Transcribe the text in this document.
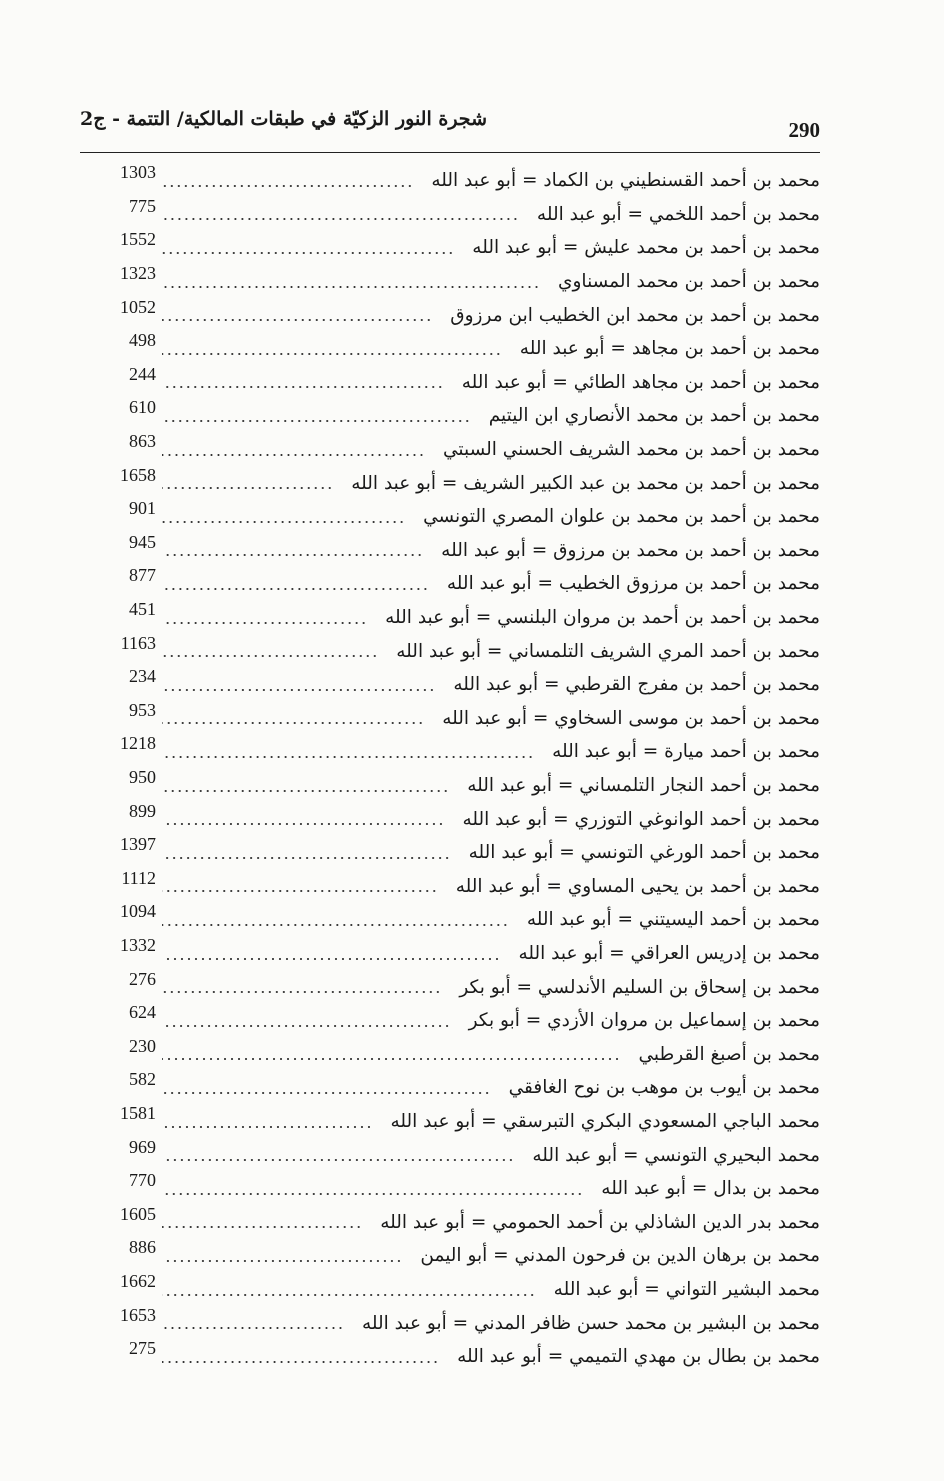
شجرة النور الزكيّة في طبقات المالكية/ التتمة - ج2	290
محمد بن أحمد القسنطيني بن الكماد = أبو عبد الله
1303
محمد بن أحمد اللخمي = أبو عبد الله
775
محمد بن أحمد بن محمد عليش = أبو عبد الله
1552
محمد بن أحمد بن محمد المسناوي
1323
محمد بن أحمد بن محمد ابن الخطيب ابن مرزوق
1052
محمد بن أحمد بن مجاهد = أبو عبد الله
498
محمد بن أحمد بن مجاهد الطائي = أبو عبد الله
244
محمد بن أحمد بن محمد الأنصاري ابن اليتيم
610
محمد بن أحمد بن محمد الشريف الحسني السبتي
863
محمد بن أحمد بن محمد بن عبد الكبير الشريف = أبو عبد الله
1658
محمد بن أحمد بن محمد بن علوان المصري التونسي
901
محمد بن أحمد بن محمد بن مرزوق = أبو عبد الله
945
محمد بن أحمد بن مرزوق الخطيب = أبو عبد الله
877
محمد بن أحمد بن أحمد بن مروان البلنسي = أبو عبد الله
451
محمد بن أحمد المري الشريف التلمساني = أبو عبد الله
1163
محمد بن أحمد بن مفرج القرطبي = أبو عبد الله
234
محمد بن أحمد بن موسى السخاوي = أبو عبد الله
953
محمد بن أحمد ميارة = أبو عبد الله
1218
محمد بن أحمد النجار التلمساني = أبو عبد الله
950
محمد بن أحمد الوانوغي التوزري = أبو عبد الله
899
محمد بن أحمد الورغي التونسي = أبو عبد الله
1397
محمد بن أحمد بن يحيى المساوي = أبو عبد الله
1112
محمد بن أحمد اليسيتني = أبو عبد الله
1094
محمد بن إدريس العراقي = أبو عبد الله
1332
محمد بن إسحاق بن السليم الأندلسي = أبو بكر
276
محمد بن إسماعيل بن مروان الأزدي = أبو بكر
624
محمد بن أصبغ القرطبي
230
محمد بن أيوب بن موهب بن نوح الغافقي
582
محمد الباجي المسعودي البكري التبرسقي = أبو عبد الله
1581
محمد البحيري التونسي = أبو عبد الله
969
محمد بن بدال = أبو عبد الله
770
محمد بدر الدين الشاذلي بن أحمد الحمومي = أبو عبد الله
1605
محمد بن برهان الدين بن فرحون المدني = أبو اليمن
886
محمد البشير التواني = أبو عبد الله
1662
محمد بن البشير بن محمد حسن ظافر المدني = أبو عبد الله
1653
محمد بن بطال بن مهدي التميمي = أبو عبد الله
275
